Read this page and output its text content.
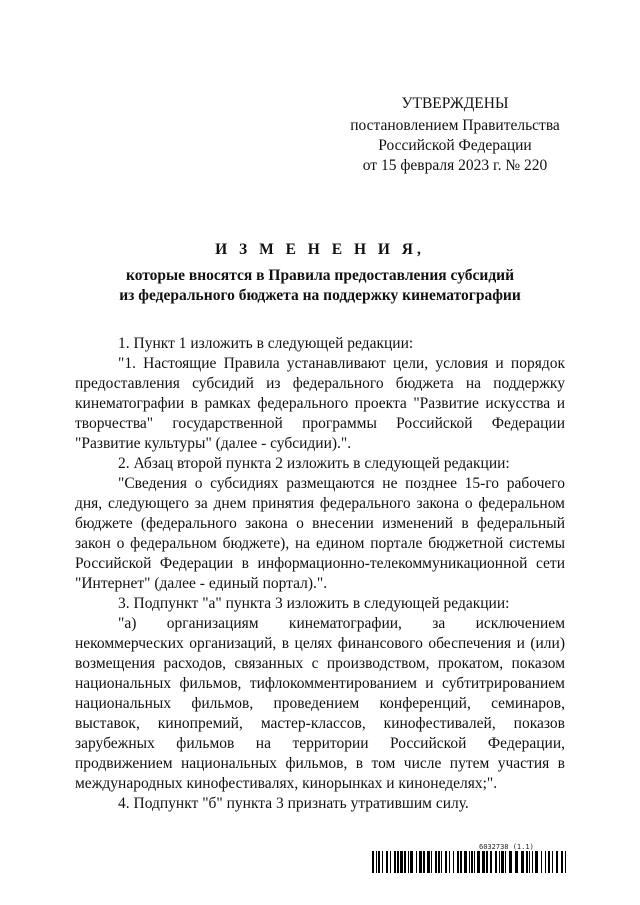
УТВЕРЖДЕНЫ
постановлением Правительства
Российской Федерации
от 15 февраля 2023 г. № 220
И З М Е Н Е Н И Я,
которые вносятся в Правила предоставления субсидий
из федерального бюджета на поддержку кинематографии

1. Пункт 1 изложить в следующей редакции:

"1. Настоящие Правила устанавливают цели, условия и порядок предоставления субсидий из федерального бюджета на поддержку кинематографии в рамках федерального проекта "Развитие искусства и творчества" государственной программы Российской Федерации "Развитие культуры" (далее - субсидии).".

2. Абзац второй пункта 2 изложить в следующей редакции:

"Сведения о субсидиях размещаются не позднее 15-го рабочего дня, следующего за днем принятия федерального закона о федеральном бюджете (федерального закона о внесении изменений в федеральный закон о федеральном бюджете), на едином портале бюджетной системы Российской Федерации в информационно-телекоммуникационной сети "Интернет" (далее - единый портал).".

3. Подпункт "а" пункта 3 изложить в следующей редакции:

"а) организациям кинематографии, за исключением некоммерческих организаций, в целях финансового обеспечения и (или) возмещения расходов, связанных с производством, прокатом, показом национальных фильмов, тифлокомментированием и субтитрированием национальных фильмов, проведением конференций, семинаров, выставок, кинопремий, мастер-классов, кинофестивалей, показов зарубежных фильмов на территории Российской Федерации, продвижением национальных фильмов, в том числе путем участия в международных кинофестивалях, кинорынках и кинонеделях;".

4. Подпункт "б" пункта 3 признать утратившим силу.

6032738 (1.1)
